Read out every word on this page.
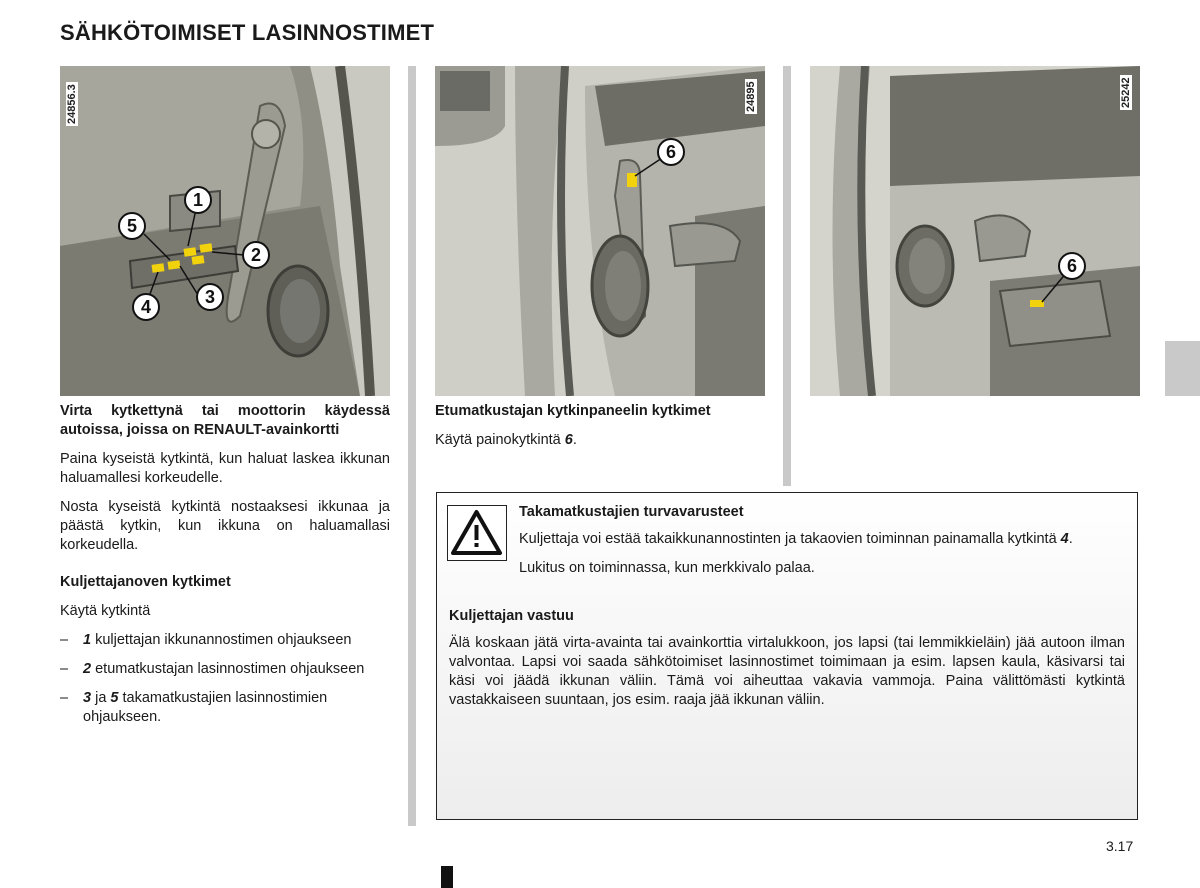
SÄHKÖTOIMISET LASINNOSTIMET
1
2
3
4
5
24856.3
6
24895
6
25242

Virta kytkettynä tai moottorin käydessä autoissa, joissa on RENAULT-avainkortti

Paina kyseistä kytkintä, kun haluat laskea ikkunan haluamallesi korkeudelle.

Nosta kyseistä kytkintä nostaaksesi ikkunaa ja päästä kytkin, kun ikkuna on haluamallasi korkeudella.

Kuljettajanoven kytkimet

Käytä kytkintä

– 1 kuljettajan ikkunannostimen ohjaukseen
– 2 etumatkustajan lasinnostimen ohjaukseen
– 3 ja 5 takamatkustajien lasinnostimien ohjaukseen.

Etumatkustajan kytkinpaneelin kytkimet

Käytä painokytkintä 6.

Takamatkustajien turvavarusteet

Kuljettaja voi estää takaikkunannostinten ja takaovien toiminnan painamalla kytkintä 4.

Lukitus on toiminnassa, kun merkkivalo palaa.

Kuljettajan vastuu

Älä koskaan jätä virta-avainta tai avainkorttia virtalukkoon, jos lapsi (tai lemmikkieläin) jää autoon ilman valvontaa. Lapsi voi saada sähkötoimiset lasinnostimet toimimaan ja esim. lapsen kaula, käsivarsi tai käsi voi jäädä ikkunan väliin. Tämä voi aiheuttaa vakavia vammoja. Paina välittömästi kytkintä vastakkaiseen suuntaan, jos esim. raaja jää ikkunan väliin.

3.17
